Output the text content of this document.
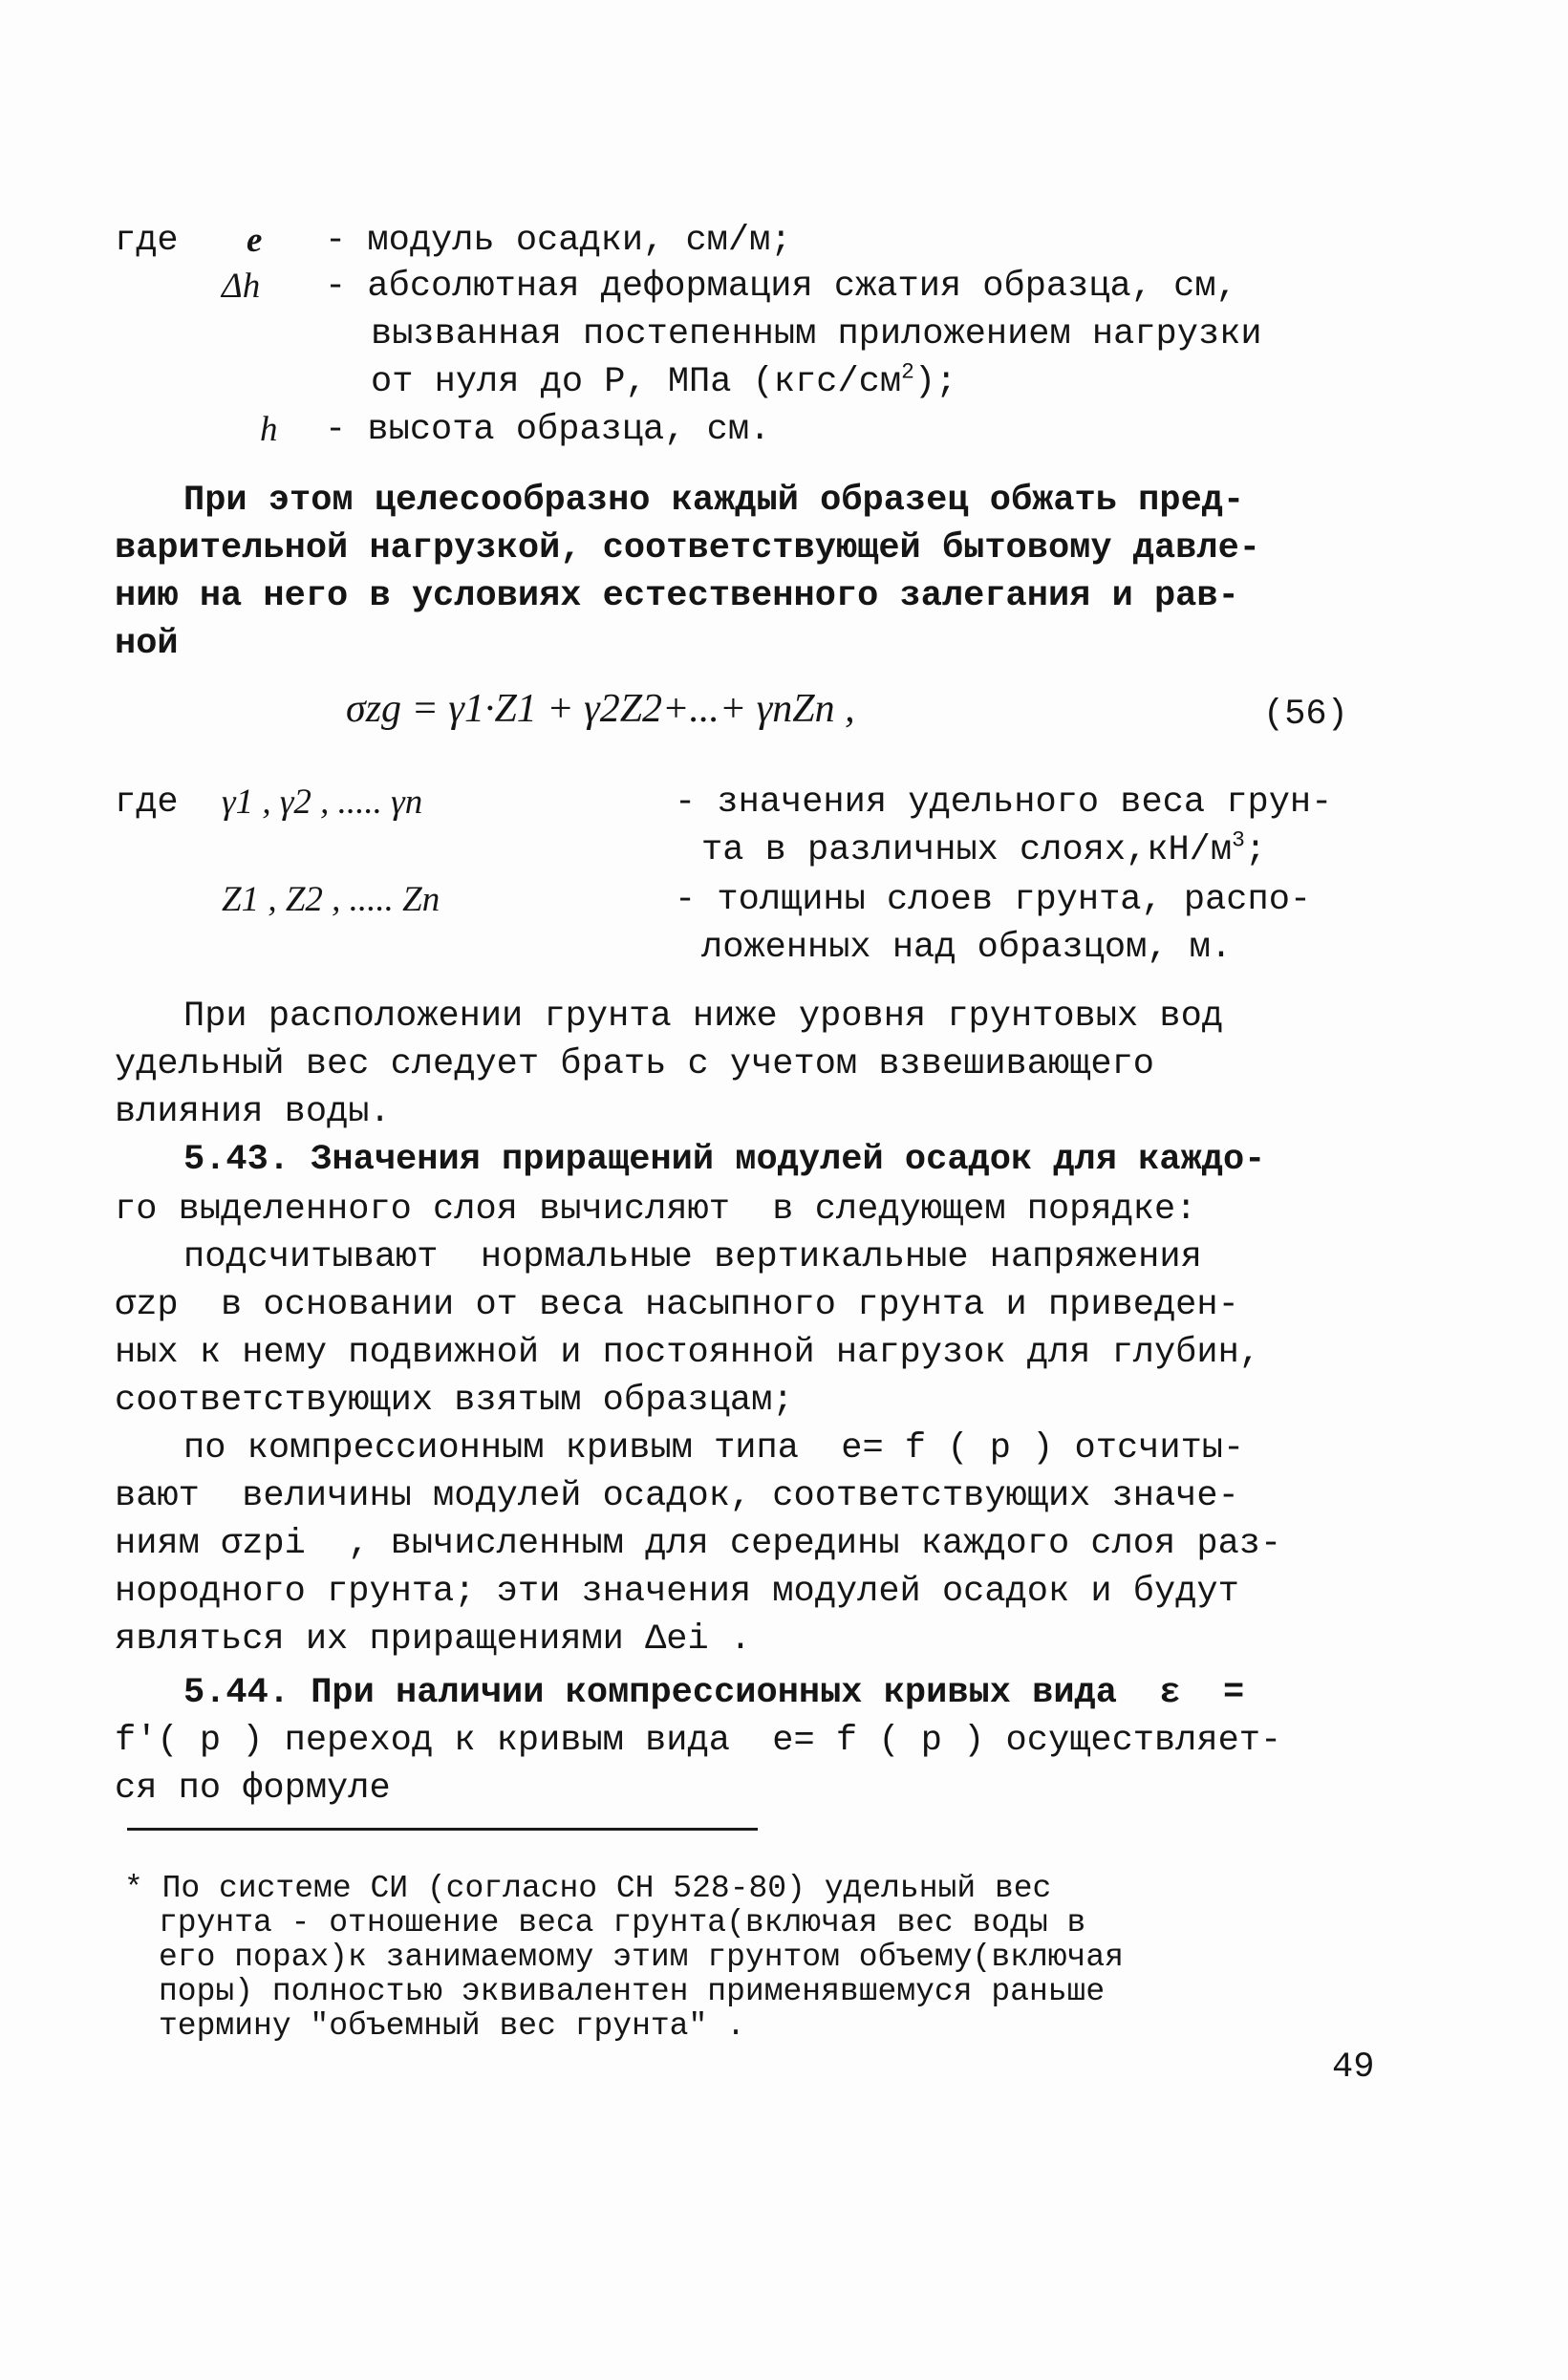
где e - модуль осадки, см/м;
Δh - абсолютная деформация сжатия образца, см,
вызванная постепенным приложением нагрузки
от нуля до P, МПа $(кгс/см^2)$;
h - высота образца, см.
При этом целесообразно каждый образец обжать пред-
варительной нагрузкой, соответствующей бытовому давле-
нию на него в условиях естественного залегания и рав-
ной
σzg = γ1·Z1 + γ2Z2+...+ γnZn ,	(56)
где γ1 , γ2 , ..... γn	- значения удельного веса грун-
та в различных $слоях,кН/м^3$;
Z1 , Z2 , ..... Zn	- толщины слоев грунта, распо-
ложенных над образцом, м.
При расположении грунта ниже уровня грунтовых вод
удельный вес следует брать с учетом взвешивающего
влияния воды.
5.43. Значения приращений модулей осадок для каждо-
го выделенного слоя вычисляют  в следующем порядке:
подсчитывают  нормальные вертикальные напряжения
σzp  в основании от веса насыпного грунта и приведен-
ных к нему подвижной и постоянной нагрузок для глубин,
соответствующих взятым образцам;
по компрессионным кривым типа  e= f ( p ) отсчиты-
вают  величины модулей осадок, соответствующих значе-
ниям σzpi  , вычисленным для середины каждого слоя раз-
нородного грунта; эти значения модулей осадок и будут
являться их приращениями Δei .
5.44. При наличии компрессионных кривых вида  ε  =
f′( p ) переход к кривым вида  e= f ( p ) осуществляет-
ся по формуле
* По системе СИ (согласно СН 528-80) удельный вес
грунта - отношение веса грунта(включая вес воды в
его порах)к занимаемому этим грунтом объему(включая
поры) полностью эквивалентен применявшемуся раньше
термину "объемный вес грунта" .
49
